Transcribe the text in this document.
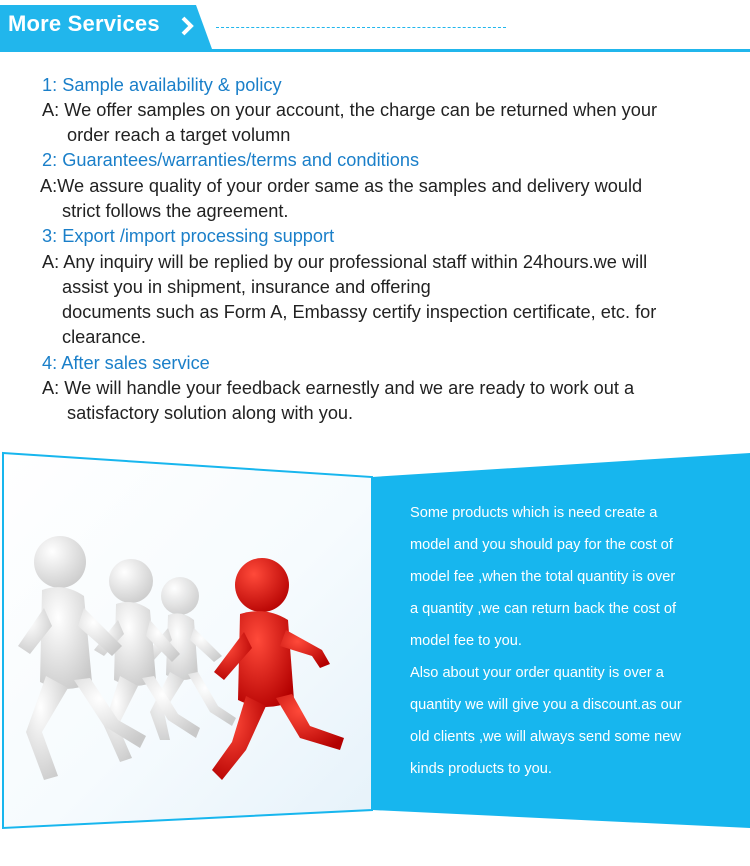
More Services
1: Sample availability & policy
A: We offer samples on your account, the charge can be returned when your
order reach a target volumn
2: Guarantees/warranties/terms and conditions
A:We assure quality of your order same as the samples and delivery would
strict follows the agreement.
3: Export /import processing support
A: Any inquiry will be replied by our professional staff within 24hours.we will
assist you in shipment, insurance and offering
documents such as Form A, Embassy certify inspection certificate, etc. for
clearance.
4: After sales service
A: We will handle your feedback earnestly and we are ready to work out a
satisfactory solution along with you.
Some products which is need create a
model and you should pay for the cost of
model fee ,when the total quantity is over
a quantity ,we can return back the cost of
model fee to you.
Also about your order quantity is over a
quantity we will give you a discount.as our
old clients ,we will always send some new
kinds products to you.
